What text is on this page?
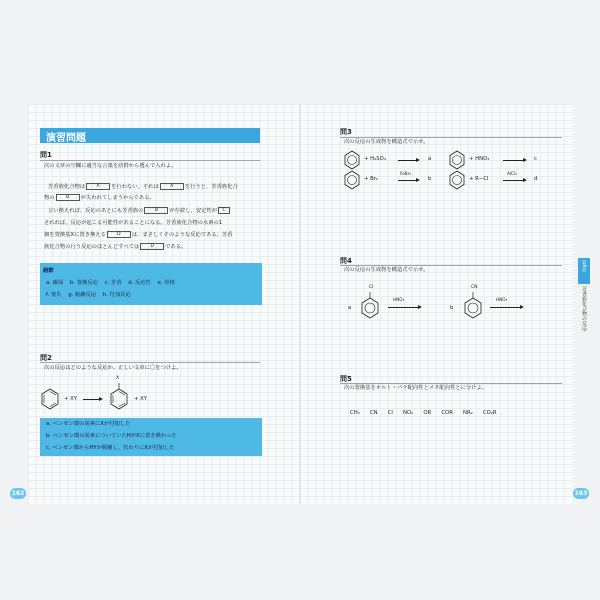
演習問題
問1
次の文章の空欄に適当な言葉を語群から選んで入れよ。
芳香族化合物は	A を行わない。それは	A を行うと、芳香族化合
物の	B が失われてしまうからである。
言い換えれば、反応のあとにも芳香族の	B が存続し、安定性が C
されれば、反応が起こる可能性があることになる。芳香族化合物の水素の1
個を置換基Xに置き換える	D は、まさしくそのような反応である。芳香
族化合物の行う反応のほとんどすべては	D である。
語群
a. 確保 b. 置換反応 c. 芳香 d. 反応性 e. 骨格
f. 喪失 g. 脱離反応 h. 付加反応
問2
次の反応はどのような反応か。正しい文章に〇をつけよ。
+ XY
X
+ XY
a. ベンゼン環の炭素にXが付加した
b. ベンゼン環の炭素についていたHがXに置き換わった
c. ベンゼン環からHYが脱離し、代わりにXが付加した
162
問3
次の反応の生成物を構造式で示せ。
+ H₂SO₄	a	+ HNO₃	c
+ Br₂
FeBr₃
b	+ R−Cl
AlCl₃
d
問4
次の反応の生成物を構造式で示せ。
a
Cl
HNO₃
b
CN
HNO₃
問5
次の置換基をオルト・パラ配向性とメタ配向性とに分けよ。
CH₃ CN Cl NO₂ OR COR NR₂ CO₂R
163
第8章
芳香族化合物の反応
